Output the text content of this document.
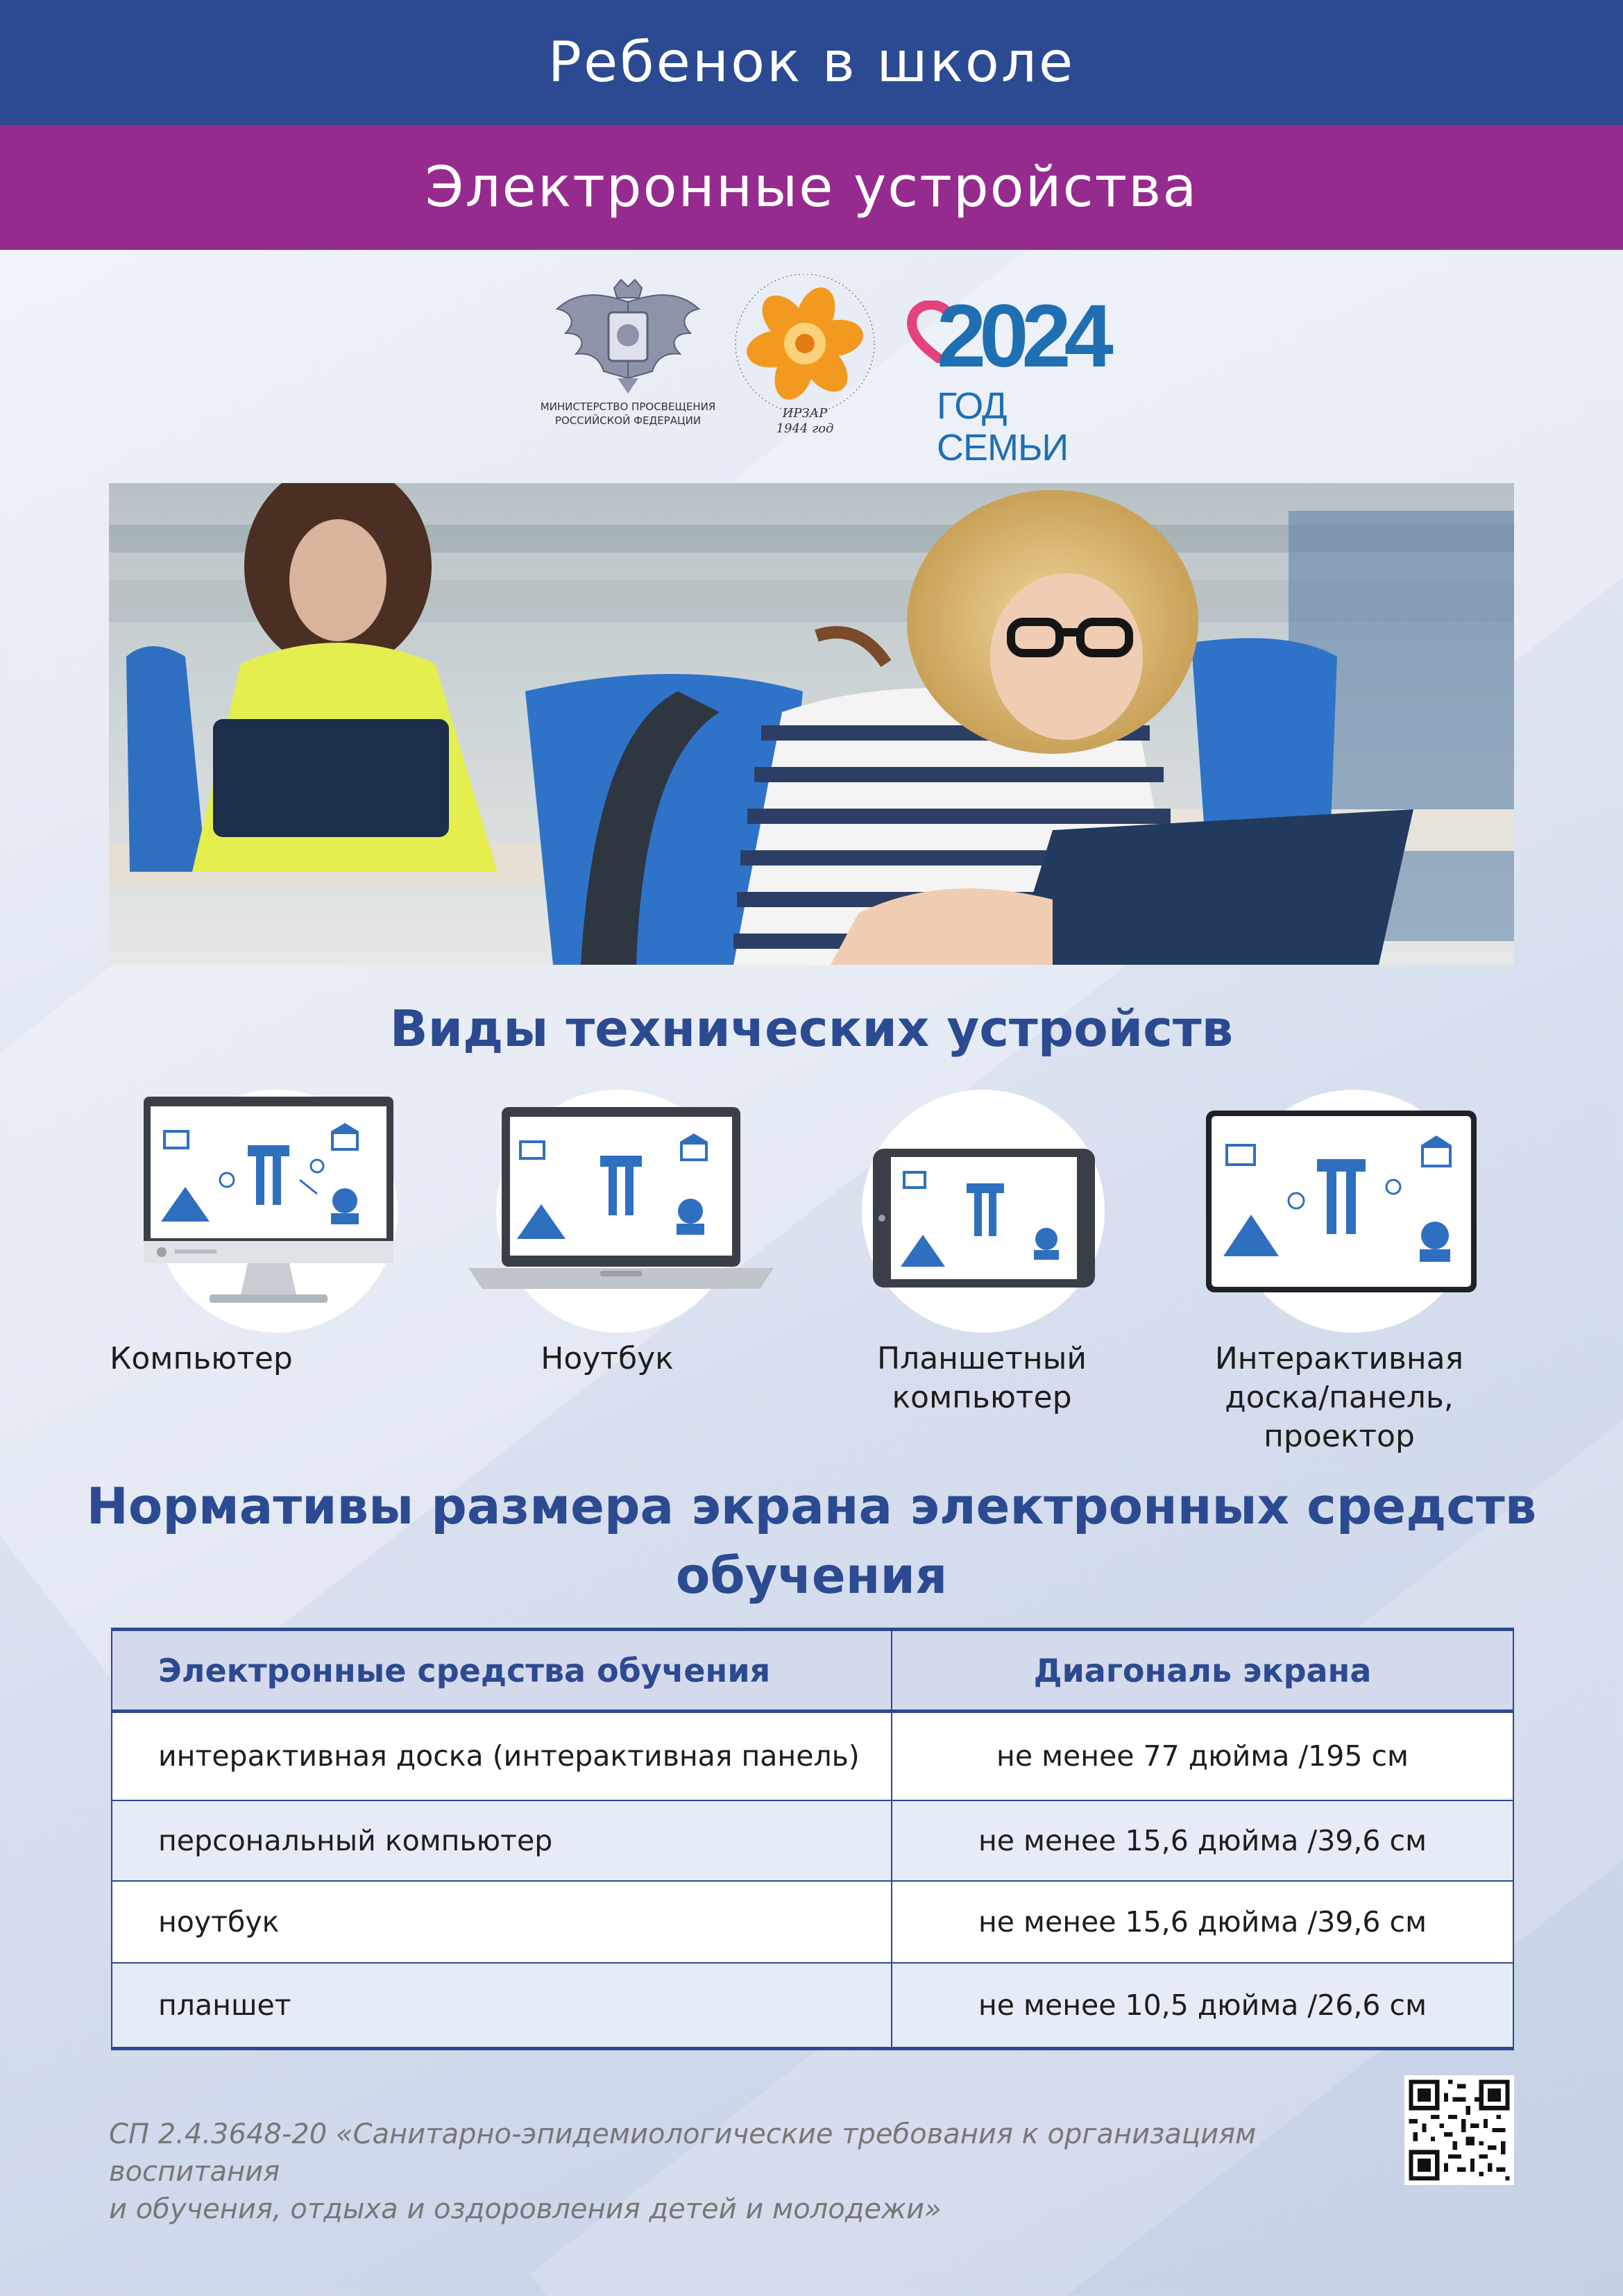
Ребенок в школе
Электронные устройства
МИНИСТЕРСТВО ПРОСВЕЩЕНИЯ
РОССИЙСКОЙ ФЕДЕРАЦИИ	ИРЗАР
1944 год
2024
ГОД СЕМЬИ
Виды технических устройств
Компьютер	Ноутбук	Планшетный
компьютер
Интерактивная
доска/панель,
проектор
Нормативы размера экрана электронных средств
обучения
Электронные средства обучения	Диагональ экрана
интерактивная доска (интерактивная панель)	не менее 77 дюйма /195 см
персональный компьютер	не менее 15,6 дюйма /39,6 см
ноутбук	не менее 15,6 дюйма /39,6 см
планшет	не менее 10,5 дюйма /26,6 см
СП 2.4.3648-20 «Санитарно-эпидемиологические требования к организациям воспитания
и обучения, отдыха и оздоровления детей и молодежи»
